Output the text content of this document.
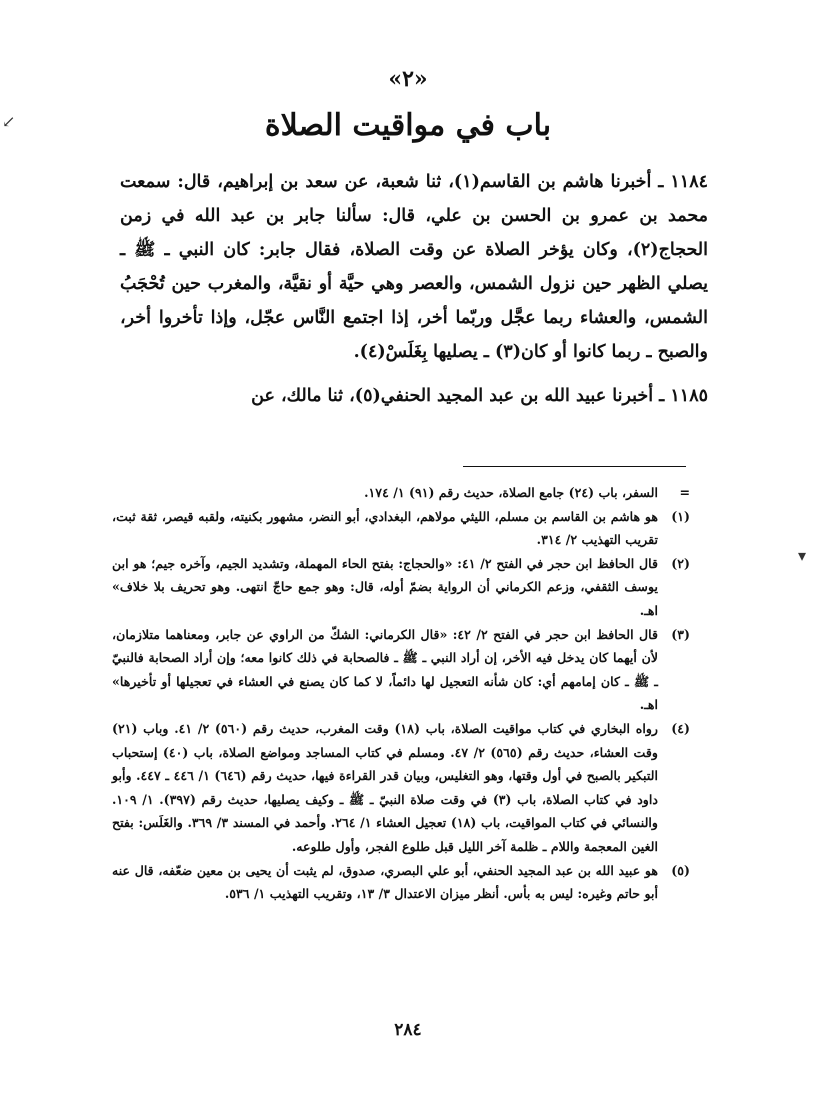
«٢»
باب في مواقيت الصلاة

١١٨٤ ـ أخبرنا هاشم بن القاسم(١)، ثنا شعبة، عن سعد بن إبراهيم، قال: سمعت محمد بن عمرو بن الحسن بن علي، قال: سألنا جابر بن عبد الله في زمن الحجاج(٢)، وكان يؤخر الصلاة عن وقت الصلاة، فقال جابر: كان النبي ـ ﷺ ـ يصلي الظهر حين نزول الشمس، والعصر وهي حيَّة أو نقيَّة، والمغرب حين تُحْجَبُ الشمس، والعشاء ربما عجَّل وربّما أخر، إذا اجتمع النَّاس عجّل، وإذا تأخروا أخر، والصبح ـ ربما كانوا أو كان(٣) ـ يصليها بِغَلَسْ(٤).

١١٨٥ ـ أخبرنا عبيد الله بن عبد المجيد الحنفي(٥)، ثنا مالك، عن

=
السفر، باب (٢٤) جامع الصلاة، حديث رقم (٩١) ١/ ١٧٤.
(١)
هو هاشم بن القاسم بن مسلم، الليثي مولاهم، البغدادي، أبو النضر، مشهور بكنيته، ولقبه قيصر، ثقة ثبت، تقريب التهذيب ٢/ ٣١٤.
(٢)
قال الحافظ ابن حجر في الفتح ٢/ ٤١: «والحجاج: بفتح الحاء المهملة، وتشديد الجيم، وآخره جيم؛ هو ابن يوسف الثقفي، وزعم الكرماني أن الرواية بضمّ أوله، قال: وهو جمع حاجّ انتهى. وهو تحريف بلا خلاف» اهـ.
(٣)
قال الحافظ ابن حجر في الفتح ٢/ ٤٢: «قال الكرماني: الشكّ من الراوي عن جابر، ومعناهما متلازمان، لأن أيهما كان يدخل فيه الأخر، إن أراد النبي ـ ﷺ ـ فالصحابة في ذلك كانوا معه؛ وإن أراد الصحابة فالنبيّ ـ ﷺ ـ كان إمامهم أي: كان شأنه التعجيل لها دائماً، لا كما كان يصنع في العشاء في تعجيلها أو تأخيرها» اهـ.
(٤)
رواه البخاري في كتاب مواقيت الصلاة، باب (١٨) وقت المغرب، حديث رقم (٥٦٠) ٢/ ٤١. وباب (٢١) وقت العشاء، حديث رقم (٥٦٥) ٢/ ٤٧. ومسلم في كتاب المساجد ومواضع الصلاة، باب (٤٠) إستحباب التبكير بالصبح في أول وقتها، وهو التغليس، وبيان قدر القراءة فيها، حديث رقم (٦٤٦) ١/ ٤٤٦ ـ ٤٤٧. وأبو داود في كتاب الصلاة، باب (٣) في وقت صلاة النبيّ ـ ﷺ ـ وكيف يصليها، حديث رقم (٣٩٧). ١/ ١٠٩. والنسائي في كتاب المواقيت، باب (١٨) تعجيل العشاء ١/ ٢٦٤. وأحمد في المسند ٣/ ٣٦٩. والغَلَس: بفتح الغين المعجمة واللام ـ ظلمة آخر الليل قبل طلوع الفجر، وأول طلوعه.
(٥)
هو عبيد الله بن عبد المجيد الحنفي، أبو علي البصري، صدوق، لم يثبت أن يحيى بن معين ضعّفه، قال عنه أبو حاتم وغيره: ليس به بأس. أنظر ميزان الاعتدال ٣/ ١٣، وتقريب التهذيب ١/ ٥٣٦.
٢٨٤
↙
▾
